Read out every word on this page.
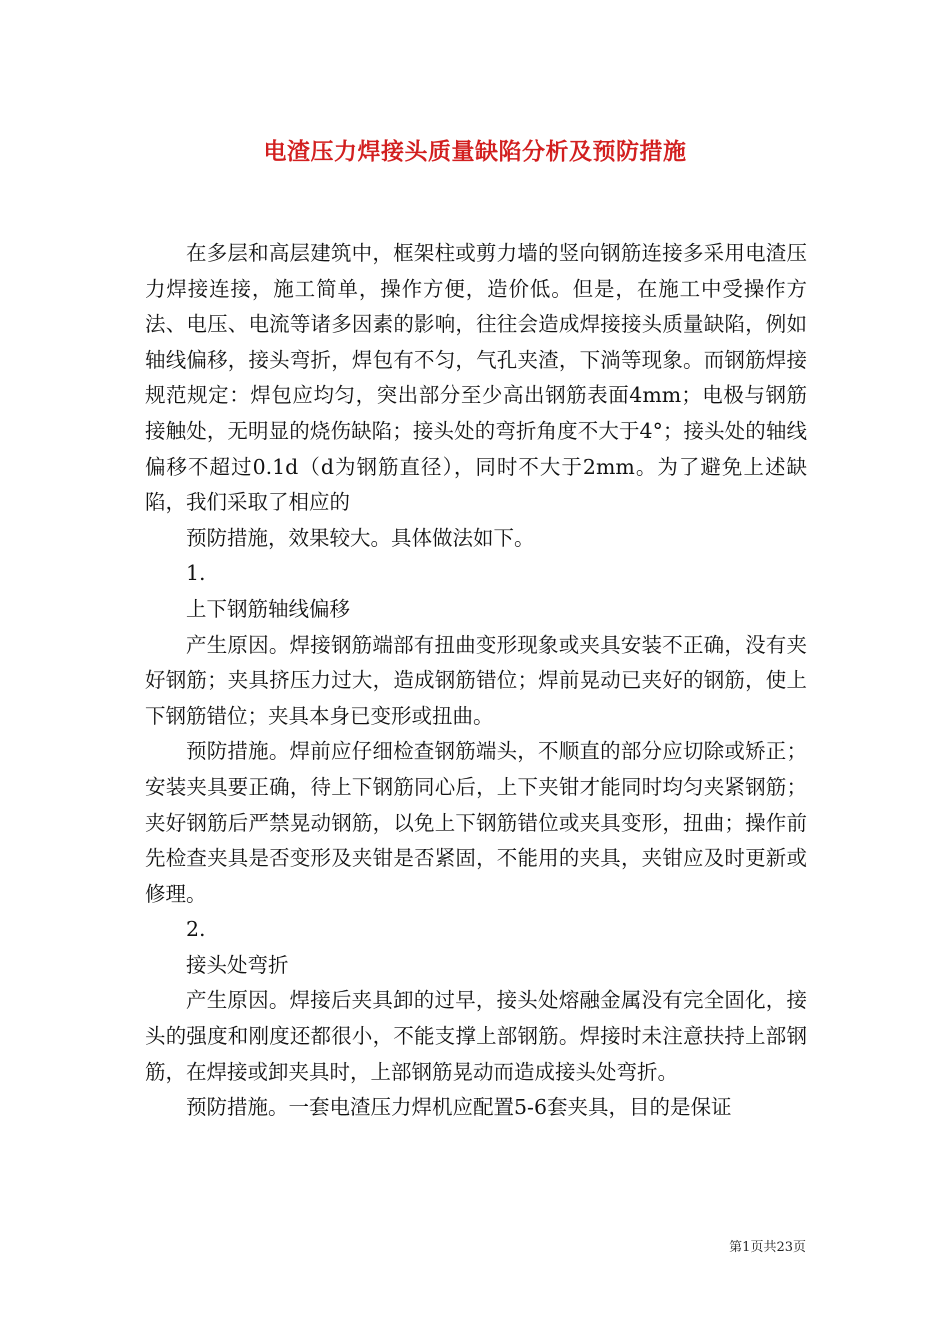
电渣压力焊接头质量缺陷分析及预防措施

在多层和高层建筑中，框架柱或剪力墙的竖向钢筋连接多采用电渣压力焊接连接，施工简单，操作方便，造价低。但是，在施工中受操作方法、电压、电流等诸多因素的影响，往往会造成焊接接头质量缺陷，例如轴线偏移，接头弯折，焊包有不匀，气孔夹渣，下淌等现象。而钢筋焊接规范规定：焊包应均匀，突出部分至少高出钢筋表面4mm；电极与钢筋接触处，无明显的烧伤缺陷；接头处的弯折角度不大于4°；接头处的轴线偏移不超过0.1d（d为钢筋直径），同时不大于2mm。为了避免上述缺陷，我们采取了相应的

预防措施，效果较大。具体做法如下。

1.

上下钢筋轴线偏移

产生原因。焊接钢筋端部有扭曲变形现象或夹具安装不正确，没有夹好钢筋；夹具挤压力过大，造成钢筋错位；焊前晃动已夹好的钢筋，使上下钢筋错位；夹具本身已变形或扭曲。

预防措施。焊前应仔细检查钢筋端头，不顺直的部分应切除或矫正；安装夹具要正确，待上下钢筋同心后，上下夹钳才能同时均匀夹紧钢筋；夹好钢筋后严禁晃动钢筋，以免上下钢筋错位或夹具变形，扭曲；操作前先检查夹具是否变形及夹钳是否紧固，不能用的夹具，夹钳应及时更新或修理。

2.

接头处弯折

产生原因。焊接后夹具卸的过早，接头处熔融金属没有完全固化，接头的强度和刚度还都很小，不能支撑上部钢筋。焊接时未注意扶持上部钢筋，在焊接或卸夹具时，上部钢筋晃动而造成接头处弯折。

预防措施。一套电渣压力焊机应配置5-6套夹具，目的是保证

第1页共23页
